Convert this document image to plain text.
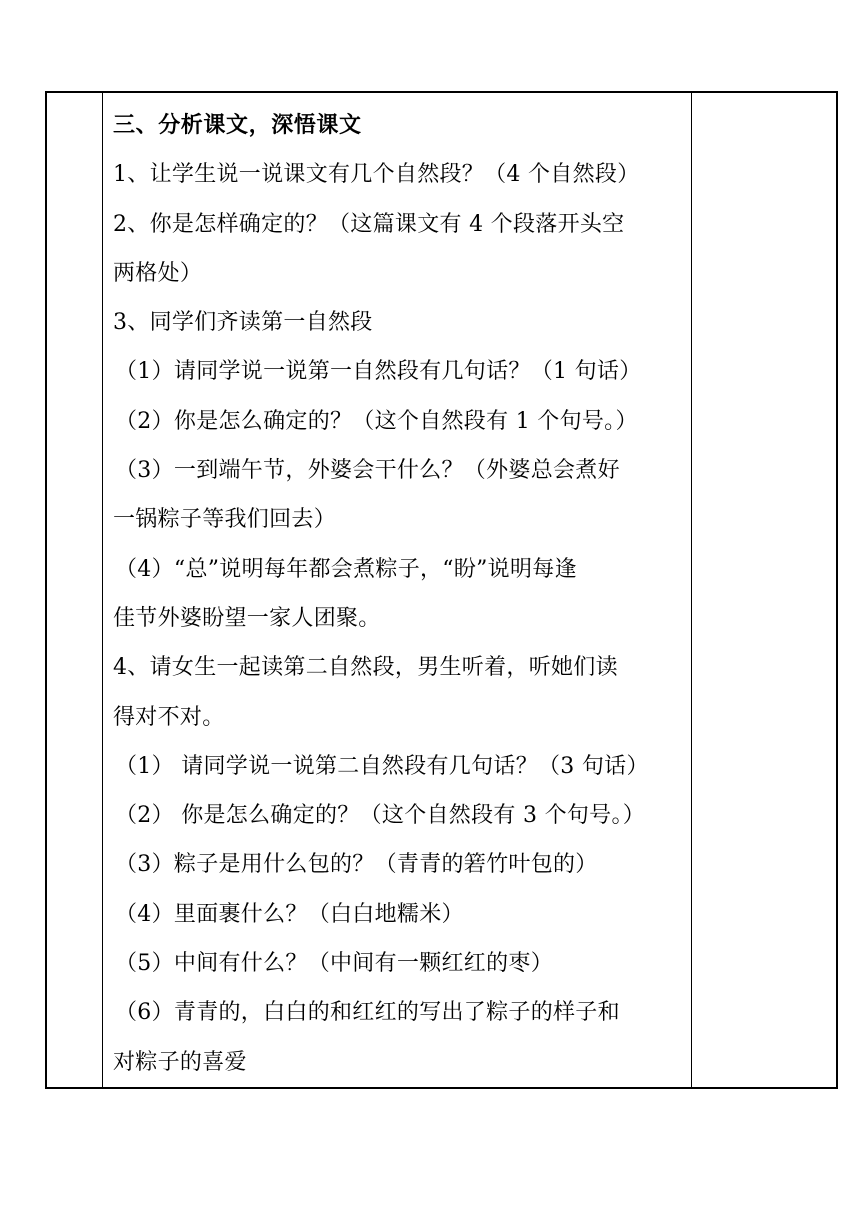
三、分析课文，深悟课文
1、让学生说一说课文有几个自然段？（4 个自然段）
2、你是怎样确定的？（这篇课文有 4 个段落开头空
两格处）
3、同学们齐读第一自然段
（1）请同学说一说第一自然段有几句话？（1 句话）
（2）你是怎么确定的？（这个自然段有 1 个句号。）
（3）一到端午节，外婆会干什么？（外婆总会煮好
一锅粽子等我们回去）
（4）“总”说明每年都会煮粽子，“盼”说明每逢
佳节外婆盼望一家人团聚。
4、请女生一起读第二自然段，男生听着，听她们读
得对不对。
（1） 请同学说一说第二自然段有几句话？（3 句话）
（2） 你是怎么确定的？（这个自然段有 3 个句号。）
（3）粽子是用什么包的？（青青的箬竹叶包的）
（4）里面裹什么？（白白地糯米）
（5）中间有什么？（中间有一颗红红的枣）
（6）青青的，白白的和红红的写出了粽子的样子和
对粽子的喜爱
